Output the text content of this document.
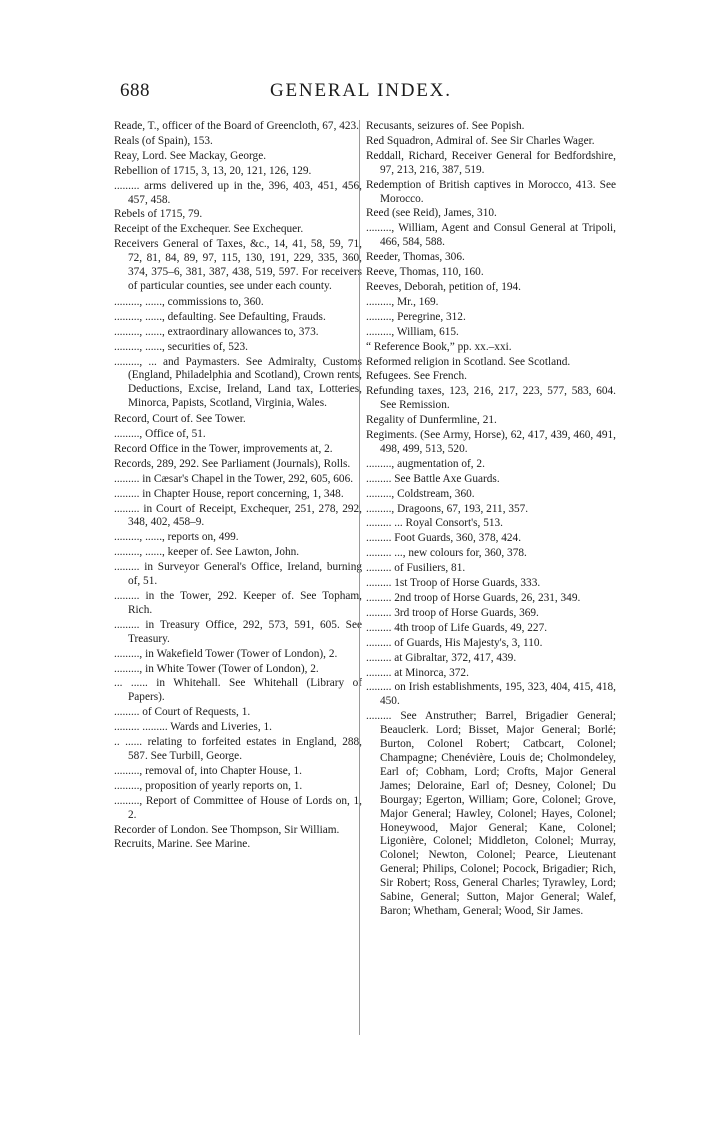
688	GENERAL INDEX.

Reade, T., officer of the Board of Greencloth, 67, 423.

Reals (of Spain), 153.

Reay, Lord. See Mackay, George.

Rebellion of 1715, 3, 13, 20, 121, 126, 129.

......... arms delivered up in the, 396, 403, 451, 456, 457, 458.

Rebels of 1715, 79.

Receipt of the Exchequer. See Exchequer.

Receivers General of Taxes, &c., 14, 41, 58, 59, 71, 72, 81, 84, 89, 97, 115, 130, 191, 229, 335, 360, 374, 375–6, 381, 387, 438, 519, 597. For receivers of particular counties, see under each county.

........., ......, commissions to, 360.

........., ......, defaulting. See Defaulting, Frauds.

........., ......, extraordinary allowances to, 373.

........., ......, securities of, 523.

........., ... and Paymasters. See Admiralty, Customs (England, Philadelphia and Scotland), Crown rents, Deductions, Excise, Ireland, Land tax, Lotteries, Minorca, Papists, Scotland, Virginia, Wales.

Record, Court of. See Tower.

........., Office of, 51.

Record Office in the Tower, improvements at, 2.

Records, 289, 292. See Parliament (Journals), Rolls.

......... in Cæsar's Chapel in the Tower, 292, 605, 606.

......... in Chapter House, report concerning, 1, 348.

......... in Court of Receipt, Exchequer, 251, 278, 292, 348, 402, 458–9.

........., ......, reports on, 499.

........., ......, keeper of. See Lawton, John.

......... in Surveyor General's Office, Ireland, burning of, 51.

......... in the Tower, 292. Keeper of. See Topham, Rich.

......... in Treasury Office, 292, 573, 591, 605. See Treasury.

........., in Wakefield Tower (Tower of London), 2.

........., in White Tower (Tower of London), 2.

... ...... in Whitehall. See Whitehall (Library of Papers).

......... of Court of Requests, 1.

......... ......... Wards and Liveries, 1.

.. ...... relating to forfeited estates in England, 288, 587. See Turbill, George.

........., removal of, into Chapter House, 1.

........., proposition of yearly reports on, 1.

........., Report of Committee of House of Lords on, 1, 2.

Recorder of London. See Thompson, Sir William.

Recruits, Marine. See Marine.

Recusants, seizures of. See Popish.

Red Squadron, Admiral of. See Sir Charles Wager.

Reddall, Richard, Receiver General for Bedfordshire, 97, 213, 216, 387, 519.

Redemption of British captives in Morocco, 413. See Morocco.

Reed (see Reid), James, 310.

........., William, Agent and Consul General at Tripoli, 466, 584, 588.

Reeder, Thomas, 306.

Reeve, Thomas, 110, 160.

Reeves, Deborah, petition of, 194.

........., Mr., 169.

........., Peregrine, 312.

........., William, 615.

“ Reference Book,” pp. xx.–xxi.

Reformed religion in Scotland. See Scotland.

Refugees. See French.

Refunding taxes, 123, 216, 217, 223, 577, 583, 604. See Remission.

Regality of Dunfermline, 21.

Regiments. (See Army, Horse), 62, 417, 439, 460, 491, 498, 499, 513, 520.

........., augmentation of, 2.

......... See Battle Axe Guards.

........., Coldstream, 360.

........., Dragoons, 67, 193, 211, 357.

......... ... Royal Consort's, 513.

......... Foot Guards, 360, 378, 424.

......... ..., new colours for, 360, 378.

......... of Fusiliers, 81.

......... 1st Troop of Horse Guards, 333.

......... 2nd troop of Horse Guards, 26, 231, 349.

......... 3rd troop of Horse Guards, 369.

......... 4th troop of Life Guards, 49, 227.

......... of Guards, His Majesty's, 3, 110.

......... at Gibraltar, 372, 417, 439.

......... at Minorca, 372.

......... on Irish establishments, 195, 323, 404, 415, 418, 450.

......... See Anstruther; Barrel, Brigadier General; Beauclerk. Lord; Bisset, Major General; Borlé; Burton, Colonel Robert; Catbcart, Colonel; Champagne; Chenévière, Louis de; Cholmondeley, Earl of; Cobham, Lord; Crofts, Major General James; Deloraine, Earl of; Desney, Colonel; Du Bourgay; Egerton, William; Gore, Colonel; Grove, Major General; Hawley, Colonel; Hayes, Colonel; Honeywood, Major General; Kane, Colonel; Ligonière, Colonel; Middleton, Colonel; Murray, Colonel; Newton, Colonel; Pearce, Lieutenant General; Philips, Colonel; Pocock, Brigadier; Rich, Sir Robert; Ross, General Charles; Tyrawley, Lord; Sabine, General; Sutton, Major General; Walef, Baron; Whetham, General; Wood, Sir James.
